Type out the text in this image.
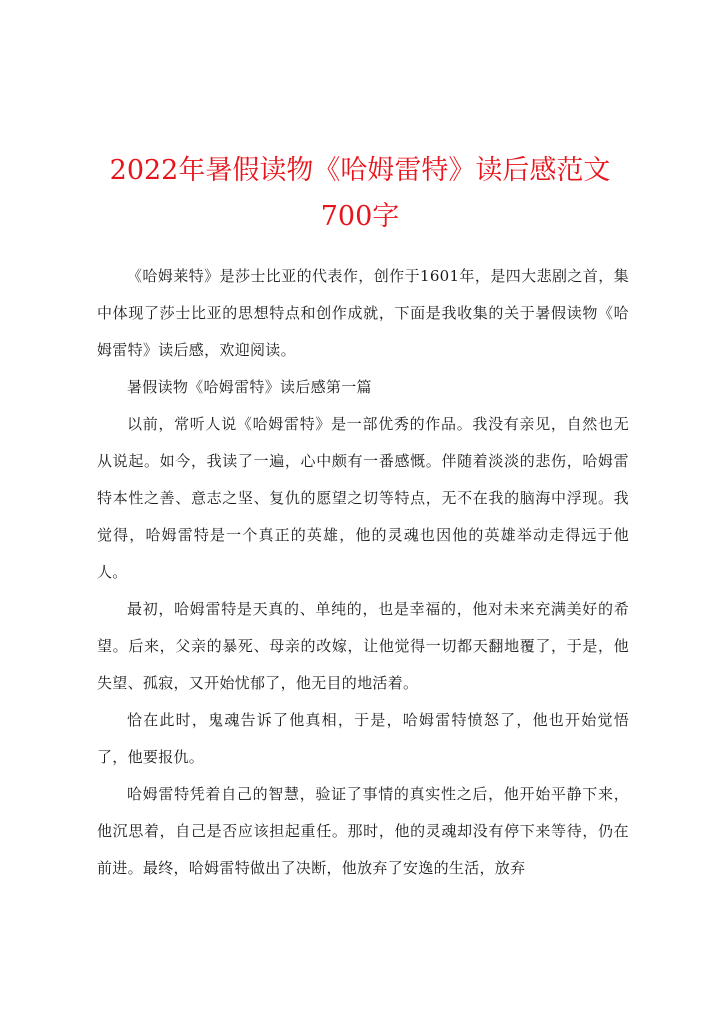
2022年暑假读物《哈姆雷特》读后感范文700字

《哈姆莱特》是莎士比亚的代表作，创作于1601年，是四大悲剧之首，集中体现了莎士比亚的思想特点和创作成就，下面是我收集的关于暑假读物《哈姆雷特》读后感，欢迎阅读。

暑假读物《哈姆雷特》读后感第一篇

以前，常听人说《哈姆雷特》是一部优秀的作品。我没有亲见，自然也无从说起。如今，我读了一遍，心中颇有一番感慨。伴随着淡淡的悲伤，哈姆雷特本性之善、意志之坚、复仇的愿望之切等特点，无不在我的脑海中浮现。我觉得，哈姆雷特是一个真正的英雄，他的灵魂也因他的英雄举动走得远于他人。

最初，哈姆雷特是天真的、单纯的，也是幸福的，他对未来充满美好的希望。后来，父亲的暴死、母亲的改嫁，让他觉得一切都天翻地覆了，于是，他失望、孤寂，又开始忧郁了，他无目的地活着。

恰在此时，鬼魂告诉了他真相，于是，哈姆雷特愤怒了，他也开始觉悟了，他要报仇。

哈姆雷特凭着自己的智慧，验证了事情的真实性之后，他开始平静下来，他沉思着，自己是否应该担起重任。那时，他的灵魂却没有停下来等待，仍在前进。最终，哈姆雷特做出了决断，他放弃了安逸的生活，放弃
